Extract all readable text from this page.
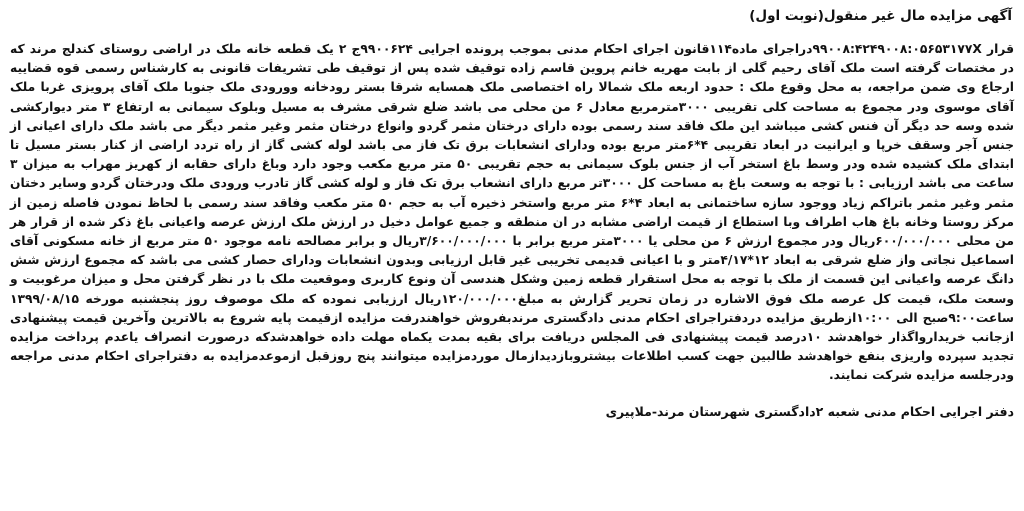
آگهی مزایده مال غیر منقول(نوبت اول)

قرار ۹۹۰۰۸:۴۲۴۹۰۰۸:۰۵۶۵۳۱۷۷Xدراجرای ماده۱۱۴قانون اجرای احکام مدنی بموجب پرونده اجرایی ۹۹۰۰۶۲۴ج ۲ یک قطعه خانه ملک در اراضی روستای کندلج مرند که در مختصات گرفته است ملک آقای رحیم گلی از بابت مهریه خانم پروین قاسم زاده توقیف شده پس از توقیف طی تشریفات قانونی به کارشناس رسمی قوه قضاییه ارجاع وی ضمن مراجعه، به محل وقوع ملک : حدود اربعه ملک شمالا راه اختصاصی ملک همسایه شرقا بستر رودخانه وورودی ملک جنوبا ملک آقای پرویزی غربا ملک آقای موسوی ودر مجموع به مساحت کلی تقریبی ۳۰۰۰مترمربع معادل ۶ من محلی می باشد ضلع شرقی مشرف به مسیل وبلوک سیمانی به ارتفاع ۳ متر دیوارکشی شده وسه حد دیگر آن فنس کشی میباشد این ملک فاقد سند رسمی بوده دارای درختان مثمر گردو وانواع درختان مثمر وغیر مثمر دیگر می باشد ملک دارای اعیانی از جنس آجر وسقف خرپا و ایرانیت در ابعاد تقریبی ۴*۶متر مربع بوده ودارای انشعابات برق تک فاز می باشد لوله کشی گاز از راه تردد اراضی از کنار بستر مسیل تا ابتدای ملک کشیده شده ودر وسط باغ استخر آب از جنس بلوک سیمانی به حجم تقریبی ۵۰ متر مربع مکعب وجود دارد وباغ دارای حقابه از کهریز مهراب به میزان ۳ ساعت می باشد ارزیابی : با توجه به وسعت باغ به مساحت کل ۳۰۰۰تر مربع دارای انشعاب برق تک فاز و لوله کشی گاز تادرب ورودی ملک ودرختان گردو وسایر دختان مثمر وغیر مثمر باتراکم زیاد ووجود سازه ساختمانی به ابعاد ۴*۶ متر مربع واستخر ذخیره آب به حجم ۵۰ متر مکعب وفاقد سند رسمی با لحاظ نمودن فاصله زمین از مرکز روستا وخانه باغ هاب اطراف وبا استطاع از قیمت اراضی مشابه در ان منطقه و جمیع عوامل دخیل در ارزش ملک ارزش عرصه واعیانی باغ ذکر شده از قرار هر من محلی ۶۰۰/۰۰۰/۰۰۰ریال ودر مجموع ارزش ۶ من محلی یا ۳۰۰۰متر مربع برابر با ۳/۶۰۰/۰۰۰/۰۰۰ریال و برابر مصالحه نامه موجود ۵۰ متر مربع از خانه مسکونی آقای اسماعیل نجاتی واز ضلع شرقی به ابعاد ۱۲*۴/۱۷متر و با اعیانی قدیمی تخریبی غیر قابل ارزیابی وبدون انشعابات ودارای حصار کشی می باشد که مجموع ارزش شش دانگ عرصه واعیانی این قسمت از ملک با توجه به محل استقرار قطعه زمین وشکل هندسی آن ونوع کاربری وموقعیت ملک با در نظر گرفتن محل و میزان مرغوبیت و وسعت ملک، قیمت کل عرصه ملک فوق الاشاره در زمان تحریر گزارش به مبلغ۱۲۰/۰۰۰/۰۰۰ریال ارزیابی نموده که ملک موصوف روز پنجشنبه مورخه ۱۳۹۹/۰۸/۱۵ ساعت۹:۰۰صبح الی ۱۰:۰۰ازطریق مزایده دردفتراجرای احکام مدنی دادگستری مرندبفروش خواهندرفت مزایده ازقیمت پایه شروع به بالاترین وآخرین قیمت پیشنهادی ازجانب خریدارواگذار خواهدشد ۱۰درصد قیمت پیشنهادی فی المجلس دریافت برای بقیه بمدت یکماه مهلت داده خواهدشدکه درصورت انصراف یاعدم پرداخت مزایده تجدید سپرده واریزی بنفع خواهدشد طالبین جهت کسب اطلاعات بیشتروبازدیدازمال موردمزایده میتوانند پنج روزقبل ازموعدمزایده به دفتراجرای احکام مدنی مراجعه ودرجلسه مزایده شرکت نمایند.

دفتر اجرایی احکام مدنی شعبه ۲دادگستری شهرستان مرند-ملاپیری
